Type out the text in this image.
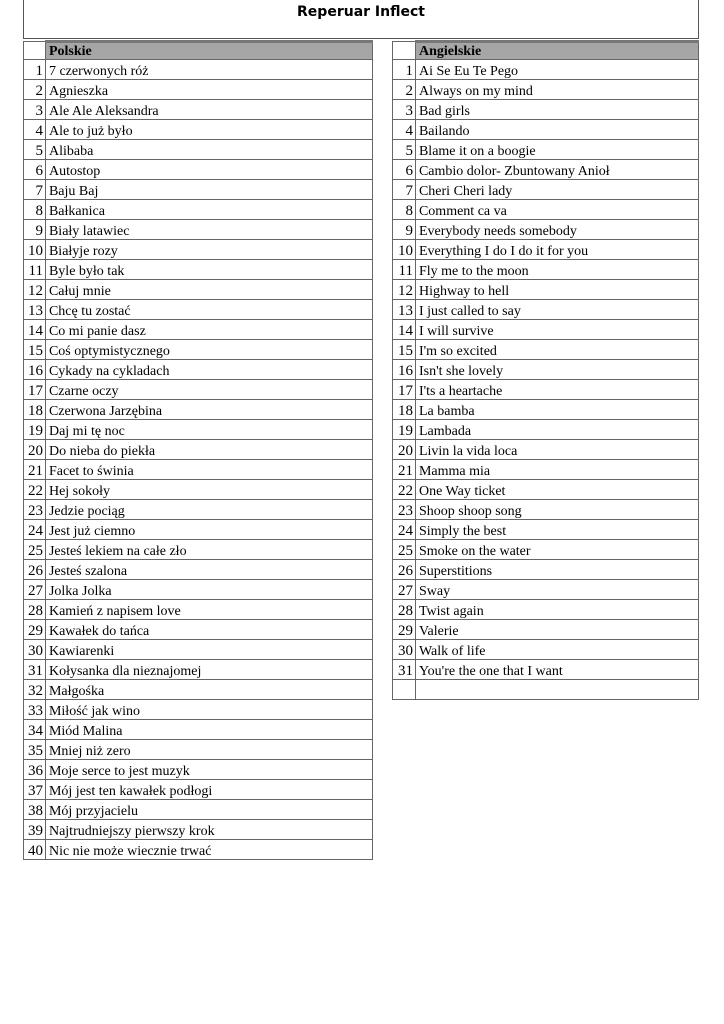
Reperuar Inflect
	Polskie
1	7 czerwonych róż
2	Agnieszka
3	Ale Ale Aleksandra
4	Ale to już było
5	Alibaba
6	Autostop
7	Baju Baj
8	Bałkanica
9	Biały latawiec
10	Białyje rozy
11	Byle było tak
12	Całuj mnie
13	Chcę tu zostać
14	Co mi panie dasz
15	Coś optymistycznego
16	Cykady na cykladach
17	Czarne oczy
18	Czerwona Jarzębina
19	Daj mi tę noc
20	Do nieba do piekła
21	Facet to świnia
22	Hej sokoły
23	Jedzie pociąg
24	Jest już ciemno
25	Jesteś lekiem na całe zło
26	Jesteś szalona
27	Jolka Jolka
28	Kamień z napisem love
29	Kawałek do tańca
30	Kawiarenki
31	Kołysanka dla nieznajomej
32	Małgośka
33	Miłość jak wino
34	Miód Malina
35	Mniej niż zero
36	Moje serce to jest muzyk
37	Mój jest ten kawałek podłogi
38	Mój przyjacielu
39	Najtrudniejszy pierwszy krok
40	Nic nie może wiecznie trwać
	Angielskie
1	Ai Se Eu Te Pego
2	Always on my mind
3	Bad girls
4	Bailando
5	Blame it on a boogie
6	Cambio dolor- Zbuntowany Anioł
7	Cheri Cheri lady
8	Comment ca va
9	Everybody needs somebody
10	Everything I do I do it for you
11	Fly me to the moon
12	Highway to hell
13	I just called to say
14	I will survive
15	I'm so excited
16	Isn't she lovely
17	I'ts a heartache
18	La bamba
19	Lambada
20	Livin la vida loca
21	Mamma mia
22	One Way ticket
23	Shoop shoop song
24	Simply the best
25	Smoke on the water
26	Superstitions
27	Sway
28	Twist again
29	Valerie
30	Walk of life
31	You're the one that I want
